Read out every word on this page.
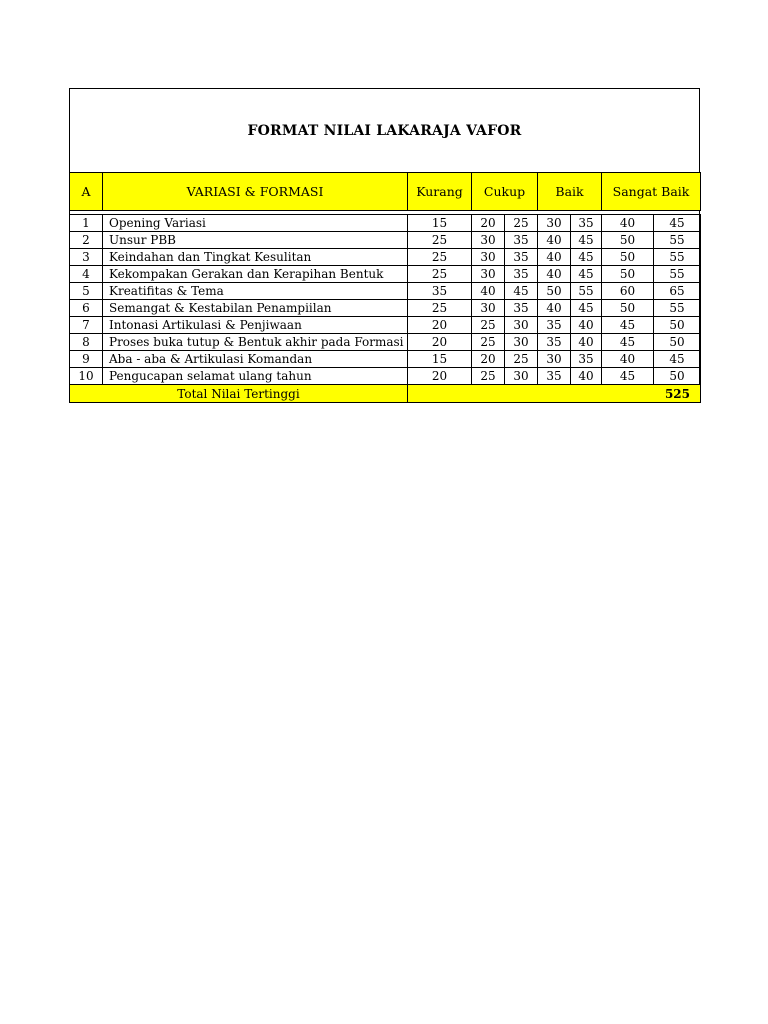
FORMAT NILAI LAKARAJA VAFOR
A	VARIASI & FORMASI	Kurang	Cukup		Baik		Sangat Baik	

1	Opening Variasi	15	20	25	30	35	40	45
2	Unsur PBB	25	30	35	40	45	50	55
3	Keindahan dan Tingkat Kesulitan	25	30	35	40	45	50	55
4	Kekompakan Gerakan dan Kerapihan Bentuk	25	30	35	40	45	50	55
5	Kreatifitas & Tema	35	40	45	50	55	60	65
6	Semangat & Kestabilan Penampiilan	25	30	35	40	45	50	55
7	Intonasi Artikulasi & Penjiwaan	20	25	30	35	40	45	50
8	Proses buka tutup & Bentuk akhir pada Formasi	20	25	30	35	40	45	50
9	Aba - aba & Artikulasi Komandan	15	20	25	30	35	40	45
10	Pengucapan selamat ulang tahun	20	25	30	35	40	45	50
Total Nilai Tertinggi		525						
